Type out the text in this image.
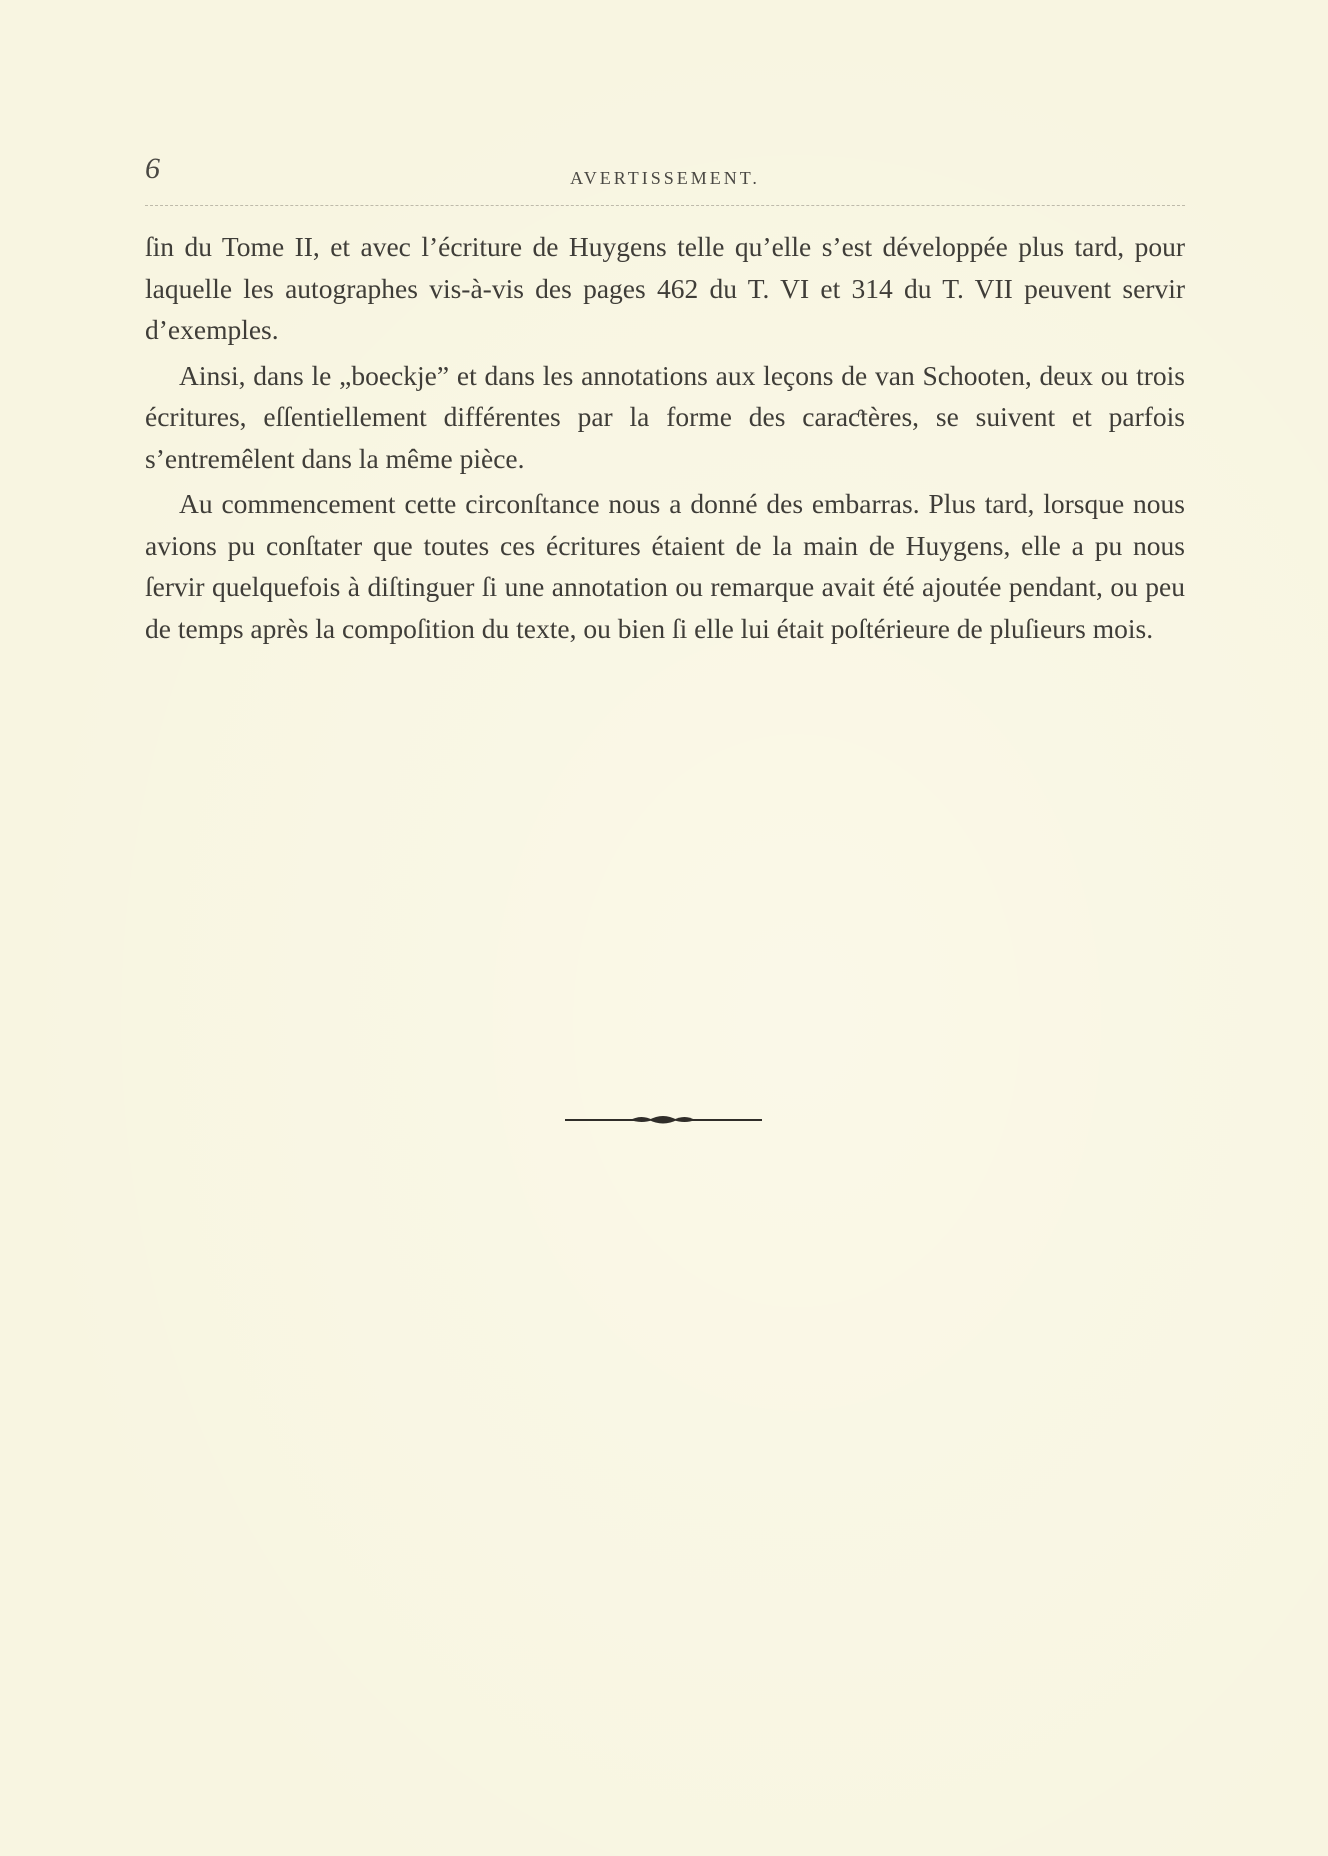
6	AVERTISSEMENT.

ſin du Tome II, et avec l’écriture de Huygens telle qu’elle s’est développée plus tard, pour laquelle les autographes vis-à-vis des pages 462 du T. VI et 314 du T. VII peuvent servir d’exemples.

Ainsi, dans le „boeckje” et dans les annotations aux leçons de van Schooten, deux ou trois écritures, eſſentiellement différentes par la forme des caraƈtères, se suivent et parfois s’entremêlent dans la même pièce.

Au commencement cette circonſtance nous a donné des embarras. Plus tard, lorsque nous avions pu conſtater que toutes ces écritures étaient de la main de Huygens, elle a pu nous ſervir quelquefois à diſtinguer ſi une annotation ou remarque avait été ajoutée pendant, ou peu de temps après la compoſition du texte, ou bien ſi elle lui était poſtérieure de pluſieurs mois.
